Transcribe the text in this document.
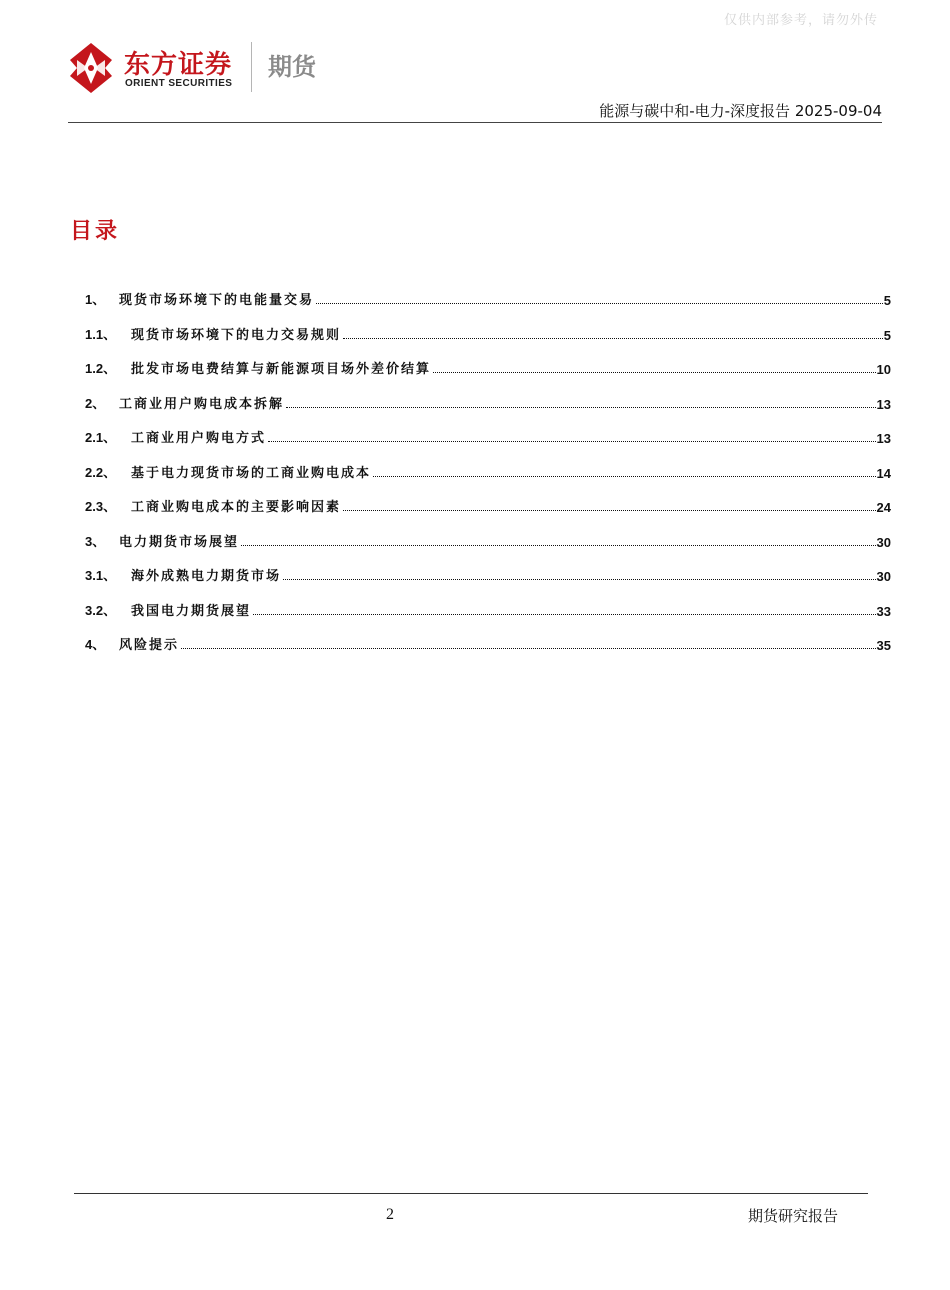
仅供内部参考，请勿外传
东方证券
ORIENT SECURITIES
期货
能源与碳中和-电力-深度报告 2025-09-04
目录
1、	现货市场环境下的电能量交易	5
1.1、	现货市场环境下的电力交易规则	5
1.2、	批发市场电费结算与新能源项目场外差价结算	10
2、	工商业用户购电成本拆解	13
2.1、	工商业用户购电方式	13
2.2、	基于电力现货市场的工商业购电成本	14
2.3、	工商业购电成本的主要影响因素	24
3、	电力期货市场展望	30
3.1、	海外成熟电力期货市场	30
3.2、	我国电力期货展望	33
4、	风险提示	35
2	期货研究报告
